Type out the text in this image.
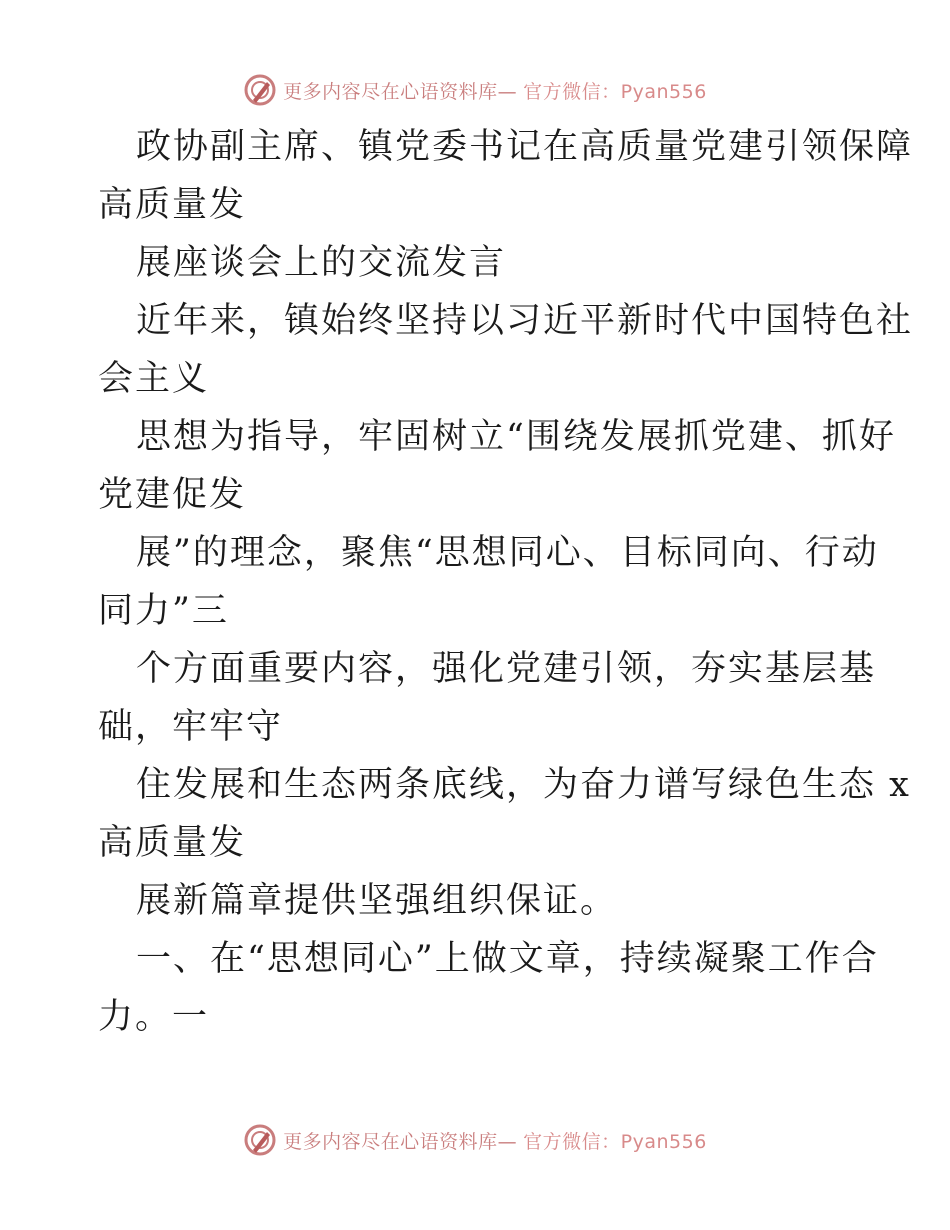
更多内容尽在心语资料库— 官方微信：Pyan556

政协副主席、镇党委书记在高质量党建引领保障

高质量发

展座谈会上的交流发言

近年来，镇始终坚持以习近平新时代中国特色社

会主义

思想为指导，牢固树立“围绕发展抓党建、抓好

党建促发

展”的理念，聚焦“思想同心、目标同向、行动

同力”三

个方面重要内容，强化党建引领，夯实基层基

础，牢牢守

住发展和生态两条底线，为奋力谱写绿色生态 x

高质量发

展新篇章提供坚强组织保证。

一、在“思想同心”上做文章，持续凝聚工作合

力。一

更多内容尽在心语资料库— 官方微信：Pyan556
